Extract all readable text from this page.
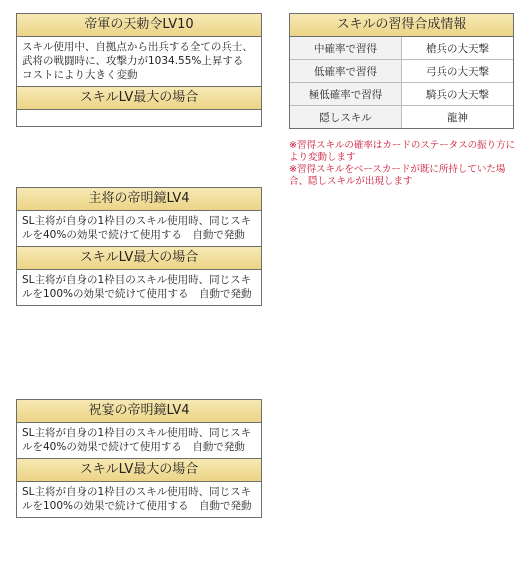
帝軍の天勅令LV10
スキル使用中、自拠点から出兵する全ての兵士、武将の戦闘時に、攻撃力が1034.55%上昇する コストにより大きく変動
スキルLV最大の場合
スキルの習得合成情報
中確率で習得	槍兵の大天撃
低確率で習得	弓兵の大天撃
極低確率で習得	騎兵の大天撃
隠しスキル	龍神
※習得スキルの確率はカードのステータスの振り方により変動します
※習得スキルをベースカードが既に所持していた場合、隠しスキルが出現します
主将の帝明鏡LV4
SL主将が自身の1枠目のスキル使用時、同じスキルを40%の効果で続けて使用する　自動で発動
スキルLV最大の場合
SL主将が自身の1枠目のスキル使用時、同じスキルを100%の効果で続けて使用する　自動で発動
祝宴の帝明鏡LV4
SL主将が自身の1枠目のスキル使用時、同じスキルを40%の効果で続けて使用する　自動で発動
スキルLV最大の場合
SL主将が自身の1枠目のスキル使用時、同じスキルを100%の効果で続けて使用する　自動で発動
